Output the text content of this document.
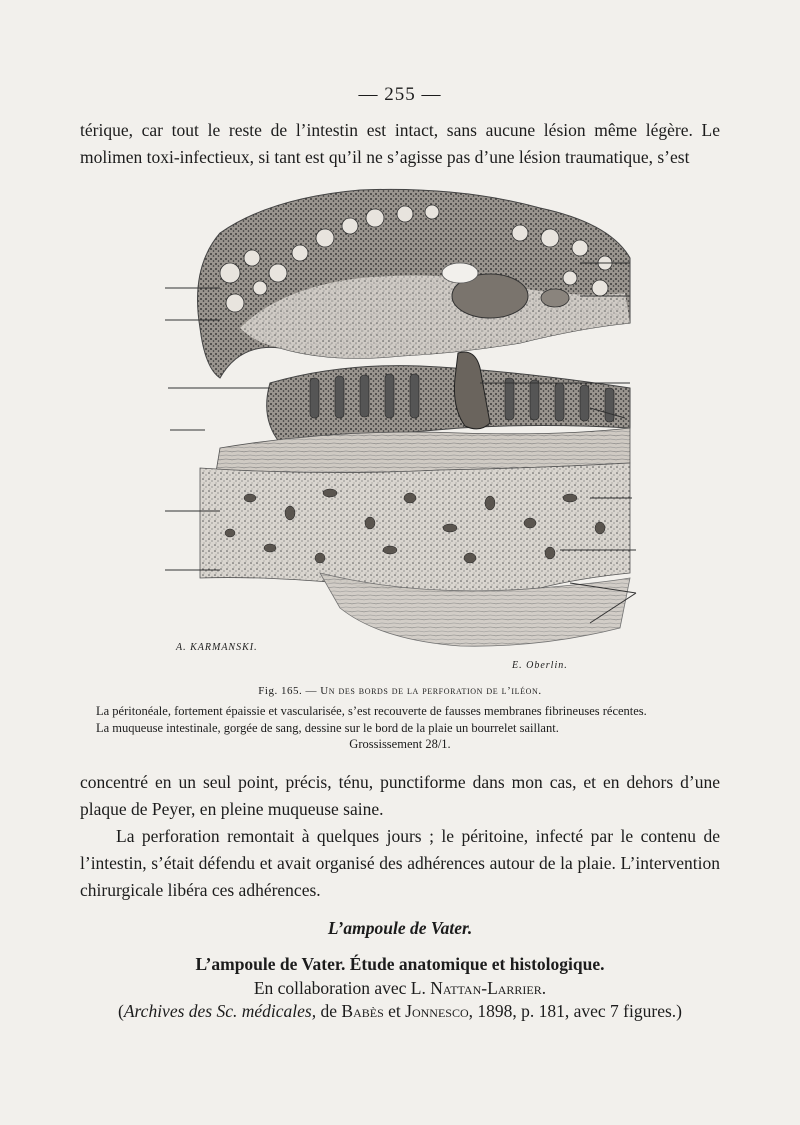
— 255 —

térique, car tout le reste de l’intestin est intact, sans aucune lésion même légère. Le molimen toxi-infectieux, si tant est qu’il ne s’agisse pas d’une lésion traumatique, s’est

A. KARMANSKI.
E. Oberlin.
Fig. 165. — Un des bords de la perforation de l’iléon.

La péritonéale, fortement épaissie et vascularisée, s’est recouverte de fausses membranes fibrineuses récentes.

La muqueuse intestinale, gorgée de sang, dessine sur le bord de la plaie un bourrelet saillant.

Grossissement 28/1.

concentré en un seul point, précis, ténu, punctiforme dans mon cas, et en dehors d’une plaque de Peyer, en pleine muqueuse saine.

La perforation remontait à quelques jours ; le péritoine, infecté par le contenu de l’intestin, s’était défendu et avait organisé des adhérences autour de la plaie. L’intervention chirurgicale libéra ces adhérences.

L’ampoule de Vater.
L’ampoule de Vater. Étude anatomique et histologique.
En collaboration avec L. Nattan-Larrier.
(Archives des Sc. médicales, de Babès et Jonnesco, 1898, p. 181, avec 7 figures.)
